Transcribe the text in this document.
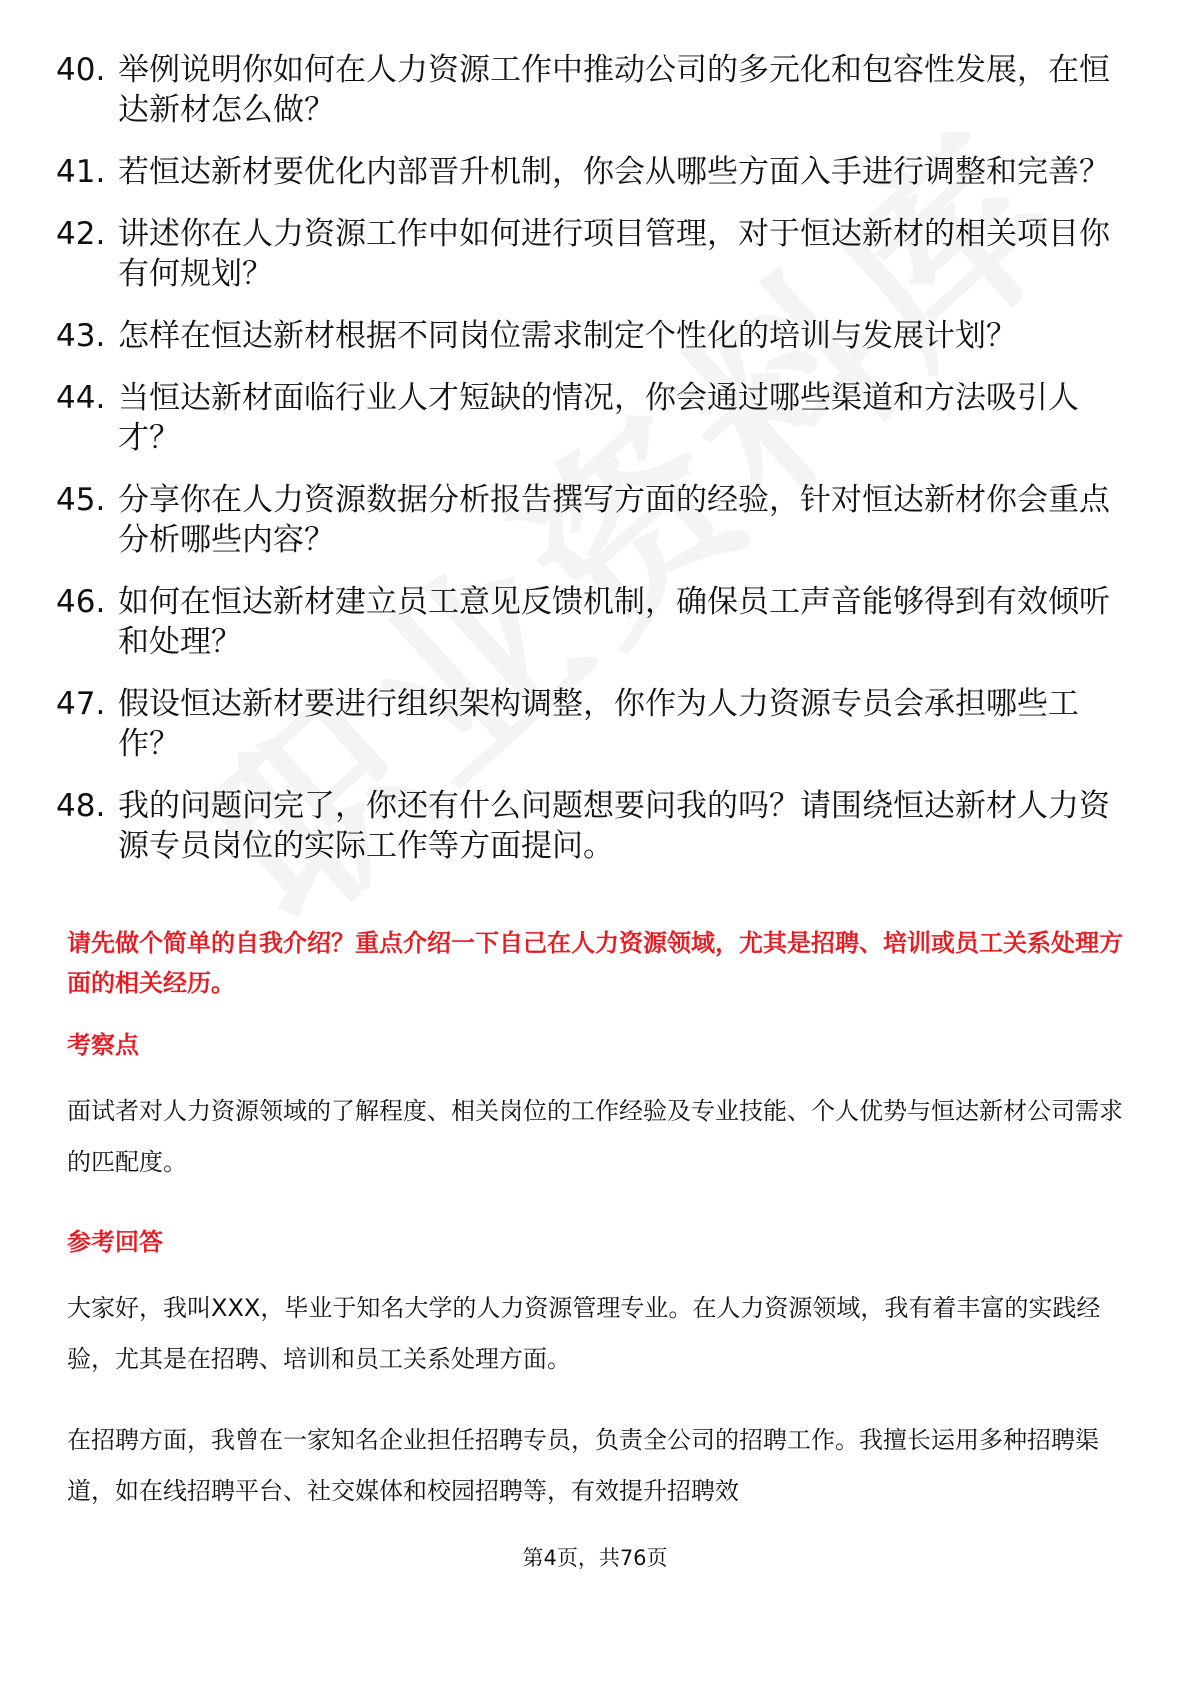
40. 举例说明你如何在人力资源工作中推动公司的多元化和包容性发展，在恒达新材怎么做？
41. 若恒达新材要优化内部晋升机制，你会从哪些方面入手进行调整和完善？
42. 讲述你在人力资源工作中如何进行项目管理，对于恒达新材的相关项目你有何规划？
43. 怎样在恒达新材根据不同岗位需求制定个性化的培训与发展计划？
44. 当恒达新材面临行业人才短缺的情况，你会通过哪些渠道和方法吸引人才？
45. 分享你在人力资源数据分析报告撰写方面的经验，针对恒达新材你会重点分析哪些内容？
46. 如何在恒达新材建立员工意见反馈机制，确保员工声音能够得到有效倾听和处理？
47. 假设恒达新材要进行组织架构调整，你作为人力资源专员会承担哪些工作？
48. 我的问题问完了，你还有什么问题想要问我的吗？请围绕恒达新材人力资源专员岗位的实际工作等方面提问。

请先做个简单的自我介绍？重点介绍一下自己在人力资源领域，尤其是招聘、培训或员工关系处理方面的相关经历。

考察点

面试者对人力资源领域的了解程度、相关岗位的工作经验及专业技能、个人优势与恒达新材公司需求的匹配度。

参考回答

大家好，我叫XXX，毕业于知名大学的人力资源管理专业。在人力资源领域，我有着丰富的实践经验，尤其是在招聘、培训和员工关系处理方面。

在招聘方面，我曾在一家知名企业担任招聘专员，负责全公司的招聘工作。我擅长运用多种招聘渠道，如在线招聘平台、社交媒体和校园招聘等，有效提升招聘效

第4页，共76页
